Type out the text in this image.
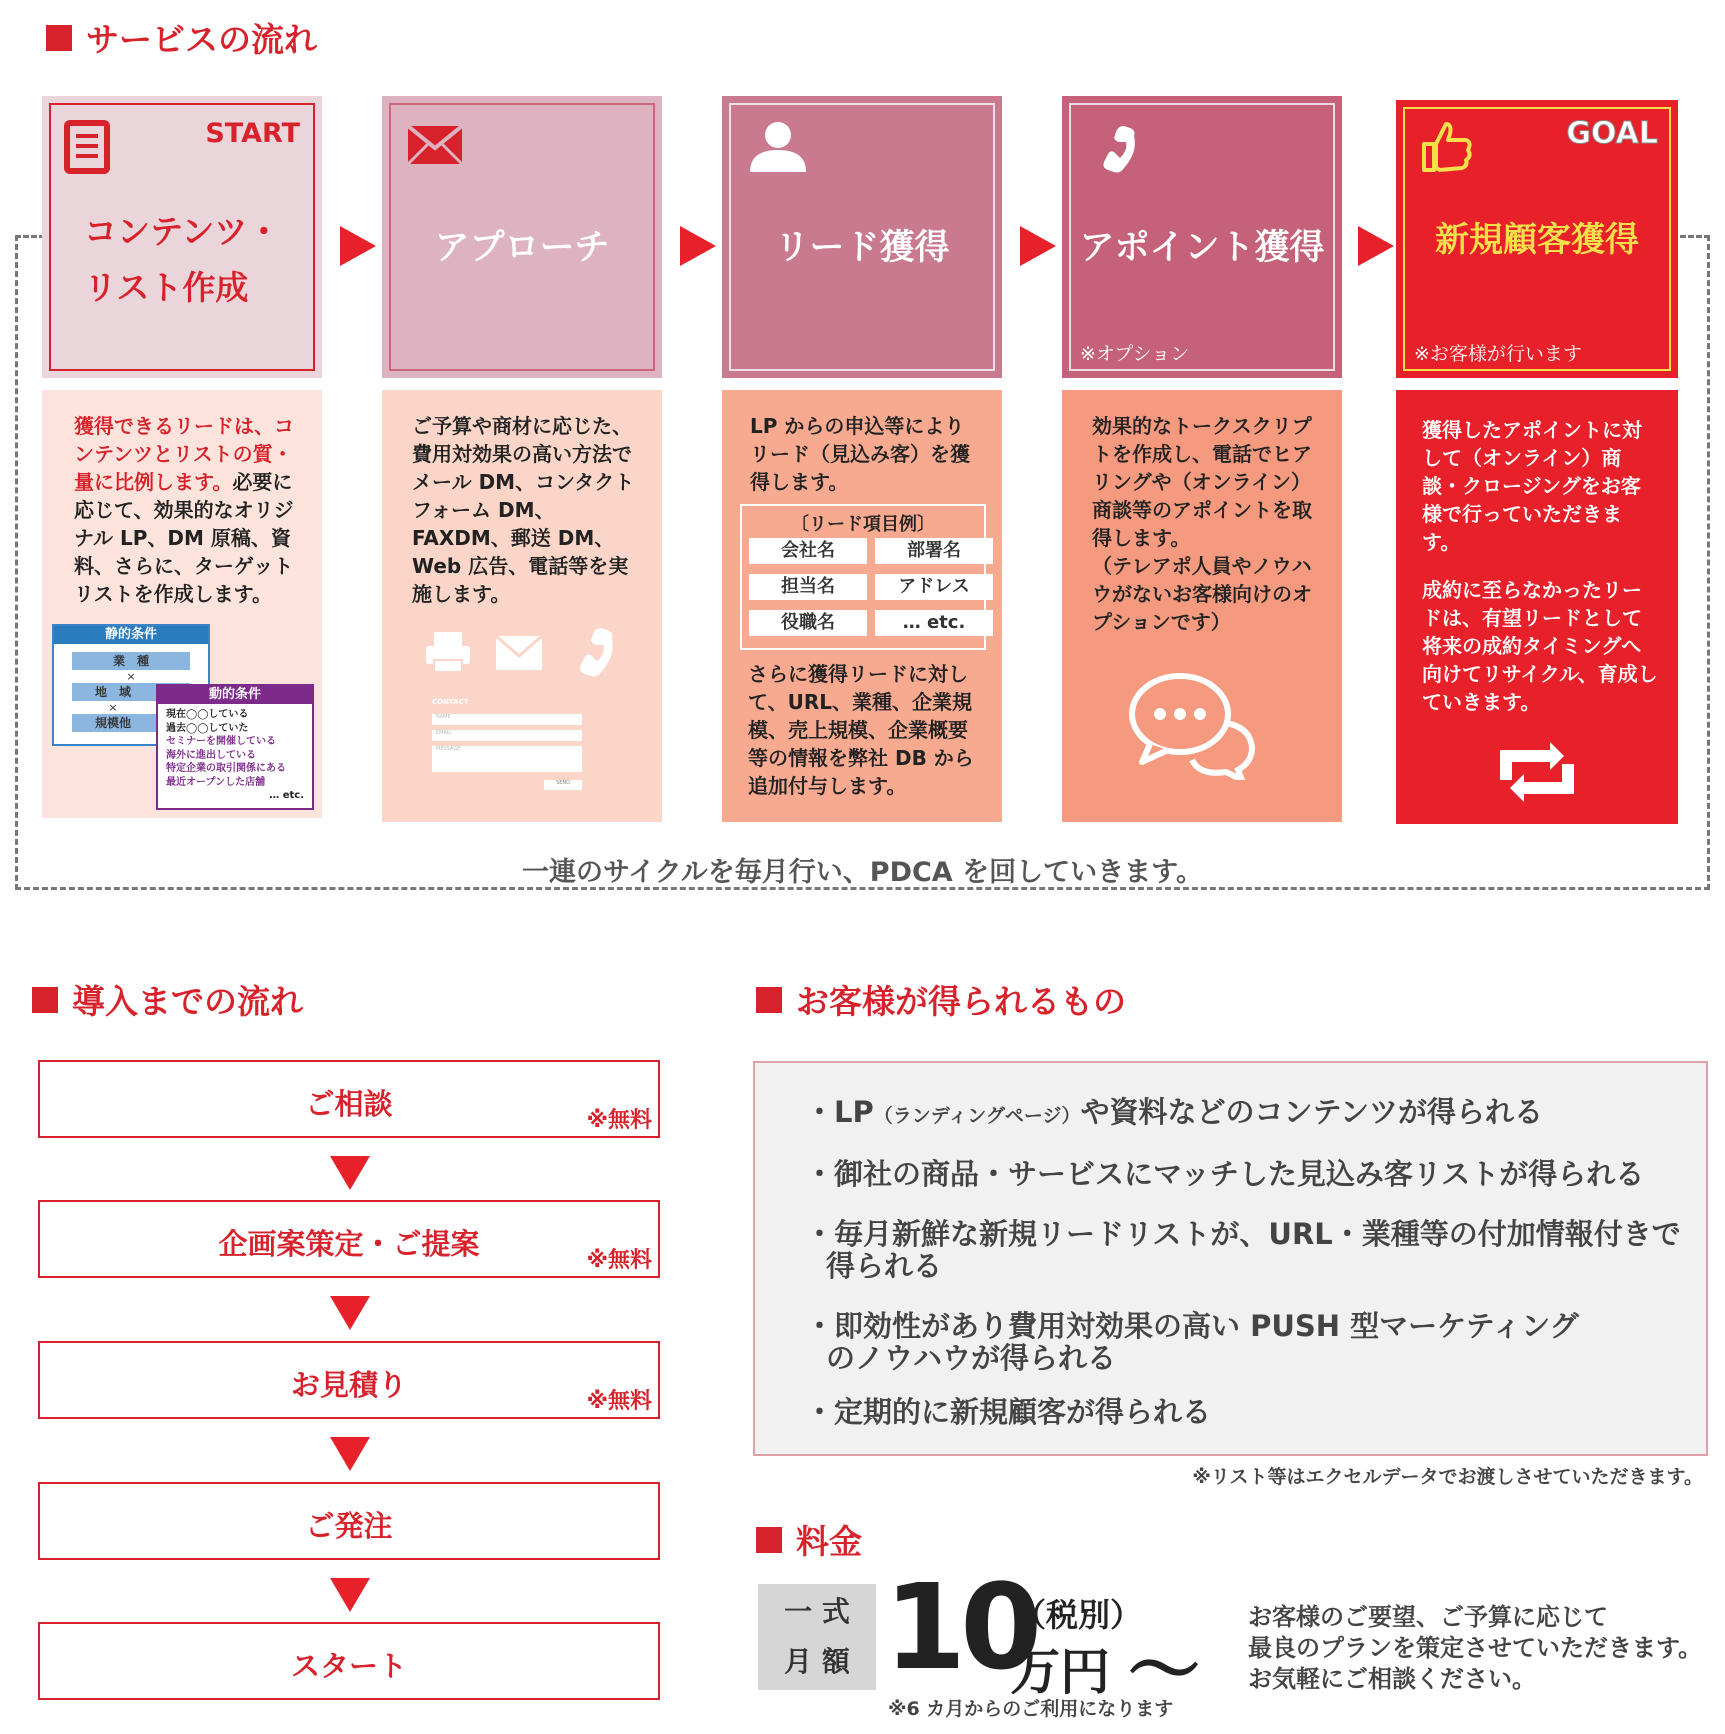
サービスの流れ
一連のサイクルを毎月行い、PDCA を回していきます。
START
コンテンツ・
リスト作成
アプローチ	リード獲得	アポイント獲得
※オプション
GOAL
新規顧客獲得
※お客様が行います
獲得できるリードは、コンテンツとリストの質・量に比例します。必要に応じて、効果的なオリジナル LP、DM 原稿、資料、さらに、ターゲットリストを作成します。
静的条件
業　種
×
地　域
×
規模他
動的条件
現在◯◯している
過去◯◯していた
セミナーを開催している
海外に進出している
特定企業の取引関係にある
最近オープンした店舗
… etc.
ご予算や商材に応じた、費用対効果の高い方法でメール DM、コンタクトフォーム DM、FAXDM、郵送 DM、Web 広告、電話等を実施します。
CONTACT
NAME
EMAIL
MESSAGE
SEND
LP からの申込等によりリード（見込み客）を獲得します。
〔リード項目例〕
会社名	部署名
担当名	アドレス
役職名	… etc.
さらに獲得リードに対して、URL、業種、企業規模、売上規模、企業概要等の情報を弊社 DB から追加付与します。
効果的なトークスクリプトを作成し、電話でヒアリングや（オンライン）商談等のアポイントを取得します。
（テレアポ人員やノウハウがないお客様向けのオプションです）
獲得したアポイントに対して（オンライン）商談・クロージングをお客様で行っていただきます。
成約に至らなかったリードは、有望リードとして将来の成約タイミングへ向けてリサイクル、育成していきます。
導入までの流れ
ご相談	※無料
企画案策定・ご提案	※無料
お見積り	※無料
ご発注
スタート
お客様が得られるもの
・LP（ランディングページ）や資料などのコンテンツが得られる
・御社の商品・サービスにマッチした見込み客リストが得られる
・毎月新鮮な新規リードリストが、URL・業種等の付加情報付きで
得られる
・即効性があり費用対効果の高い PUSH 型マーケティング
のノウハウが得られる
・定期的に新規顧客が得られる
※リスト等はエクセルデータでお渡しさせていただきます。
料金
一 式
月 額 10
（税別）
万円 〜
※6 カ月からのご利用になります
お客様のご要望、ご予算に応じて
最良のプランを策定させていただきます。
お気軽にご相談ください。
